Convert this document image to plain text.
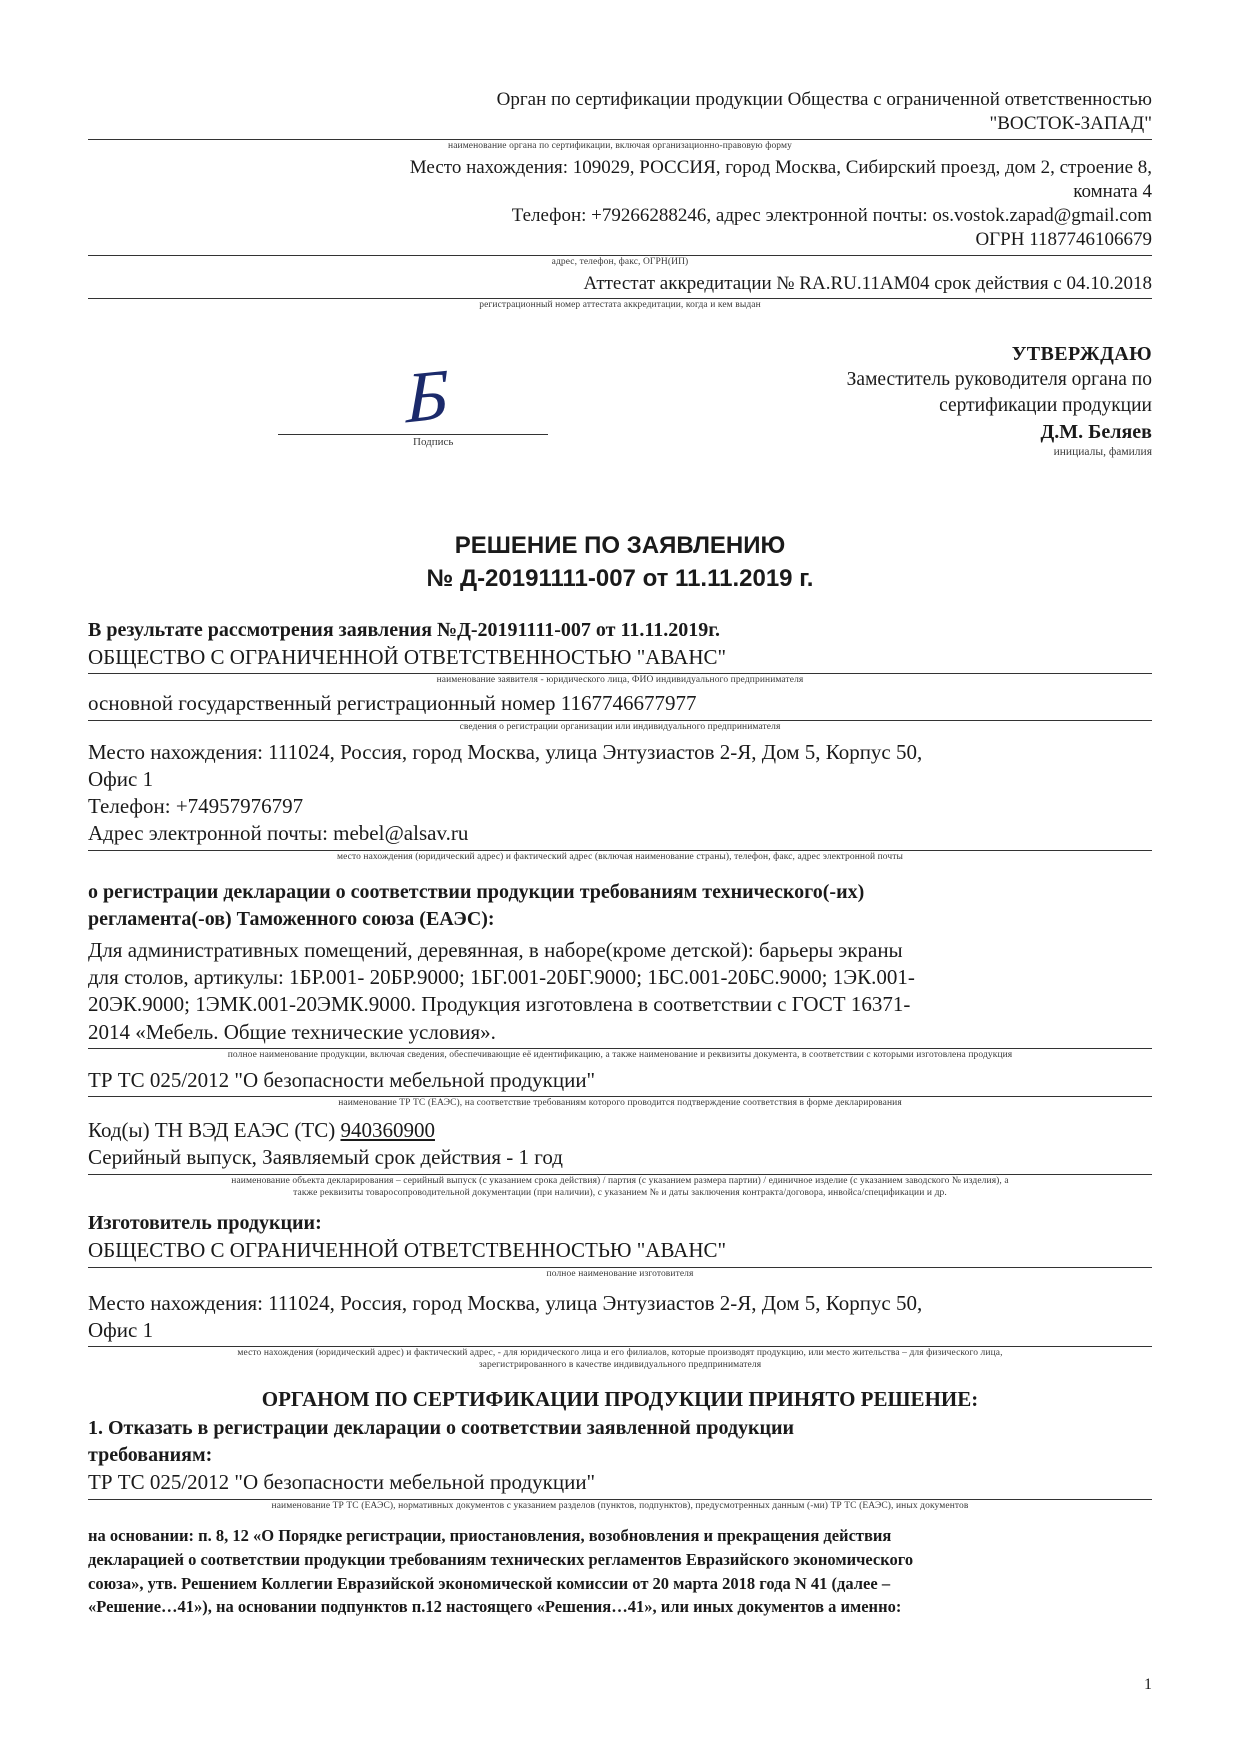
Орган по сертификации продукции Общества с ограниченной ответственностью
"ВОСТОК-ЗАПАД"
наименование органа по сертификации, включая организационно-правовую форму
Место нахождения: 109029, РОССИЯ, город Москва, Сибирский проезд, дом 2, строение 8,
комната 4
Телефон: +79266288246, адрес электронной почты: os.vostok.zapad@gmail.com
ОГРН 1187746106679
адрес, телефон, факс, ОГРН(ИП)
Аттестат аккредитации № RA.RU.11АМ04 срок действия с 04.10.2018
регистрационный номер аттестата аккредитации, когда и кем выдан
УТВЕРЖДАЮ
Заместитель руководителя органа по
сертификации продукции
Д.М. Беляев
инициалы, фамилия
Б
Подпись
РЕШЕНИЕ ПО ЗАЯВЛЕНИЮ
№ Д-20191111-007 от 11.11.2019 г.
В результате рассмотрения заявления №Д-20191111-007 от 11.11.2019г.
ОБЩЕСТВО С ОГРАНИЧЕННОЙ ОТВЕТСТВЕННОСТЬЮ "АВАНС"
наименование заявителя - юридического лица, ФИО индивидуального предпринимателя
основной государственный регистрационный номер 1167746677977
сведения о регистрации организации или индивидуального предпринимателя
Место нахождения: 111024, Россия, город Москва, улица Энтузиастов 2-Я, Дом 5, Корпус 50,
Офис 1
Телефон: +74957976797
Адрес электронной почты: mebel@alsav.ru
место нахождения (юридический адрес) и фактический адрес (включая наименование страны), телефон, факс, адрес электронной почты
о регистрации декларации о соответствии продукции требованиям технического(-их)
регламента(-ов) Таможенного союза (ЕАЭС):
Для административных помещений, деревянная, в наборе(кроме детской): барьеры экраны
для столов, артикулы: 1БР.001- 20БР.9000; 1БГ.001-20БГ.9000; 1БС.001-20БС.9000; 1ЭК.001-
20ЭК.9000; 1ЭМК.001-20ЭМК.9000. Продукция изготовлена в соответствии с ГОСТ 16371-
2014 «Мебель. Общие технические условия».
полное наименование продукции, включая сведения, обеспечивающие её идентификацию, а также наименование и реквизиты документа, в соответствии с которыми изготовлена продукция
ТР ТС 025/2012 "О безопасности мебельной продукции"
наименование ТР ТС (ЕАЭС), на соответствие требованиям которого проводится подтверждение соответствия в форме декларирования
Код(ы) ТН ВЭД ЕАЭС (ТС) 940360900
Серийный выпуск, Заявляемый срок действия - 1 год
наименование объекта декларирования – серийный выпуск (с указанием срока действия) / партия (с указанием размера партии) / единичное изделие (с указанием заводского № изделия), а
также реквизиты товаросопроводительной документации (при наличии), с указанием № и даты заключения контракта/договора, инвойса/спецификации и др.
Изготовитель продукции:
ОБЩЕСТВО С ОГРАНИЧЕННОЙ ОТВЕТСТВЕННОСТЬЮ "АВАНС"
полное наименование изготовителя
Место нахождения: 111024, Россия, город Москва, улица Энтузиастов 2-Я, Дом 5, Корпус 50,
Офис 1
место нахождения (юридический адрес) и фактический адрес, - для юридического лица и его филиалов, которые производят продукцию, или место жительства – для физического лица,
зарегистрированного в качестве индивидуального предпринимателя
ОРГАНОМ ПО СЕРТИФИКАЦИИ ПРОДУКЦИИ ПРИНЯТО РЕШЕНИЕ:
1. Отказать в регистрации декларации о соответствии заявленной продукции
требованиям:
ТР ТС 025/2012 "О безопасности мебельной продукции"
наименование ТР ТС (ЕАЭС), нормативных документов с указанием разделов (пунктов, подпунктов), предусмотренных данным (-ми) ТР ТС (ЕАЭС), иных документов
на основании: п. 8, 12 «О Порядке регистрации, приостановления, возобновления и прекращения действия
декларацией о соответствии продукции требованиям технических регламентов Евразийского экономического
союза», утв. Решением Коллегии Евразийской экономической комиссии от 20 марта 2018 года N 41 (далее –
«Решение…41»), на основании подпунктов п.12 настоящего «Решения…41», или иных документов а именно:
1
